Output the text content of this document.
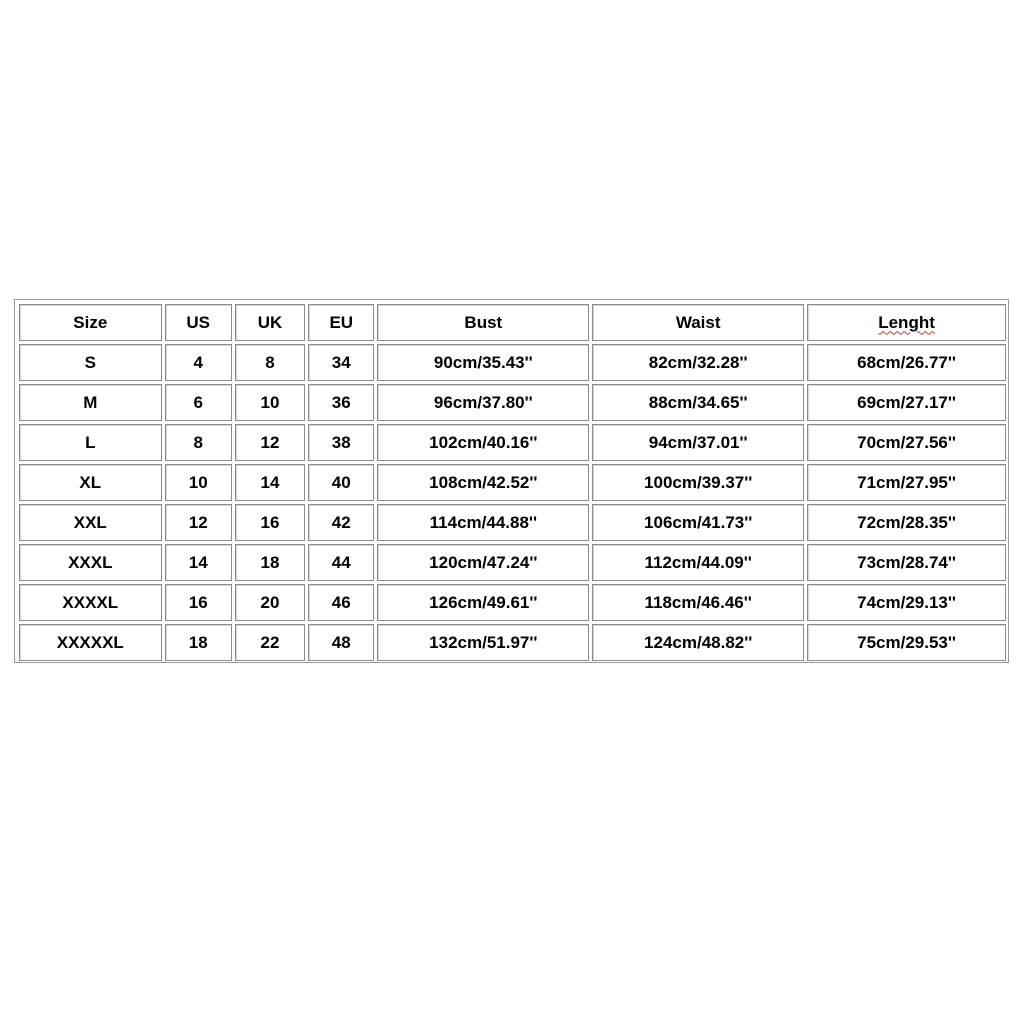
Size	US	UK	EU	Bust	Waist	Lenght
S	4	8	34	90cm/35.43''	82cm/32.28''	68cm/26.77''
M	6	10	36	96cm/37.80''	88cm/34.65''	69cm/27.17''
L	8	12	38	102cm/40.16''	94cm/37.01''	70cm/27.56''
XL	10	14	40	108cm/42.52''	100cm/39.37''	71cm/27.95''
XXL	12	16	42	114cm/44.88''	106cm/41.73''	72cm/28.35''
XXXL	14	18	44	120cm/47.24''	112cm/44.09''	73cm/28.74''
XXXXL	16	20	46	126cm/49.61''	118cm/46.46''	74cm/29.13''
XXXXXL	18	22	48	132cm/51.97''	124cm/48.82''	75cm/29.53''
